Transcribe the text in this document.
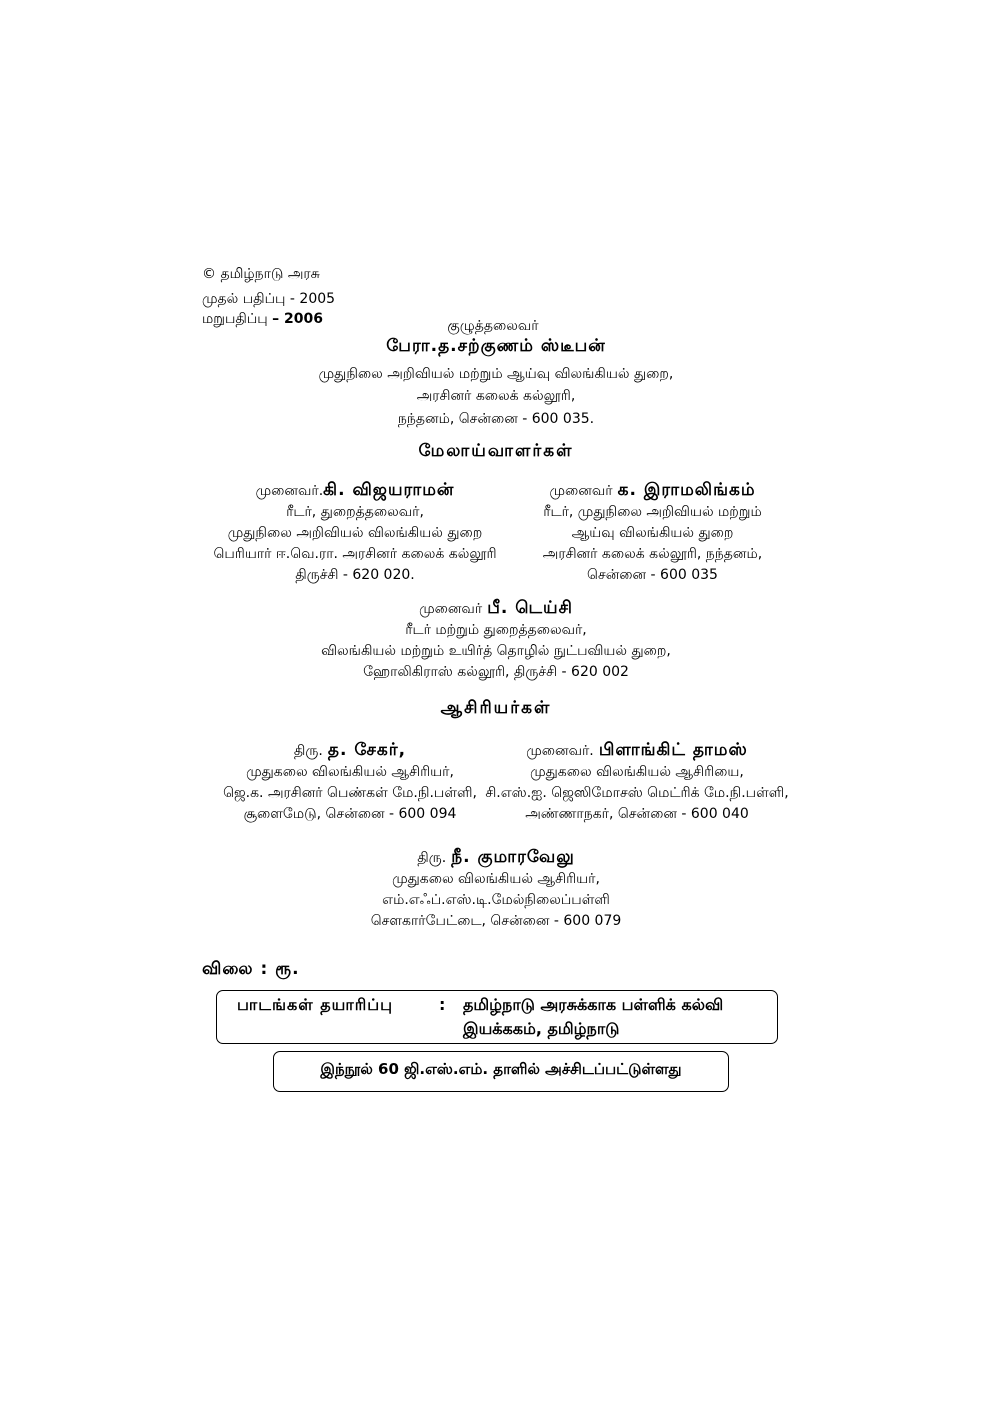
© தமிழ்நாடு அரசு
முதல் பதிப்பு - 2005
மறுபதிப்பு – 2006	குழுத்தலைவர்
பேரா.த.சற்குணம் ஸ்டீபன்
முதுநிலை அறிவியல் மற்றும் ஆய்வு விலங்கியல் துறை,
அரசினர் கலைக் கல்லூரி,
நந்தனம், சென்னை - 600 035.
மேலாய்வாளர்கள்
முனைவர்.கி. விஜயராமன்
ரீடர், துறைத்தலைவர்,
முதுநிலை அறிவியல் விலங்கியல் துறை
பெரியார் ஈ.வெ.ரா. அரசினர் கலைக் கல்லூரி
திருச்சி - 620 020.
முனைவர் க. இராமலிங்கம்
ரீடர், முதுநிலை அறிவியல் மற்றும்
ஆய்வு விலங்கியல் துறை
அரசினர் கலைக் கல்லூரி, நந்தனம்,
சென்னை - 600 035
முனைவர் பீ. டெய்சி
ரீடர் மற்றும் துறைத்தலைவர்,
விலங்கியல் மற்றும் உயிர்த் தொழில் நுட்பவியல் துறை,
ஹோலிகிராஸ் கல்லூரி, திருச்சி - 620 002
ஆசிரியர்கள்
திரு. த. சேகர்,
முதுகலை விலங்கியல் ஆசிரியர்,
ஜெ.க. அரசினர் பெண்கள் மே.நி.பள்ளி,
சூளைமேடு, சென்னை - 600 094
முனைவர். பிளாங்கிட் தாமஸ்
முதுகலை விலங்கியல் ஆசிரியை,
சி.எஸ்.ஐ. ஜெஸிமோசஸ் மெட்ரிக் மே.நி.பள்ளி,
அண்ணாநகர், சென்னை - 600 040
திரு. நீ. குமாரவேலு
முதுகலை விலங்கியல் ஆசிரியர்,
எம்.எஃப்.எஸ்.டி.மேல்நிலைப்பள்ளி
சௌகார்பேட்டை, சென்னை - 600 079
விலை : ரூ.
பாடங்கள் தயாரிப்பு	: தமிழ்நாடு அரசுக்காக பள்ளிக் கல்வி
இயக்ககம், தமிழ்நாடு
இந்நூல் 60 ஜி.எஸ்.எம். தாளில் அச்சிடப்பட்டுள்ளது
